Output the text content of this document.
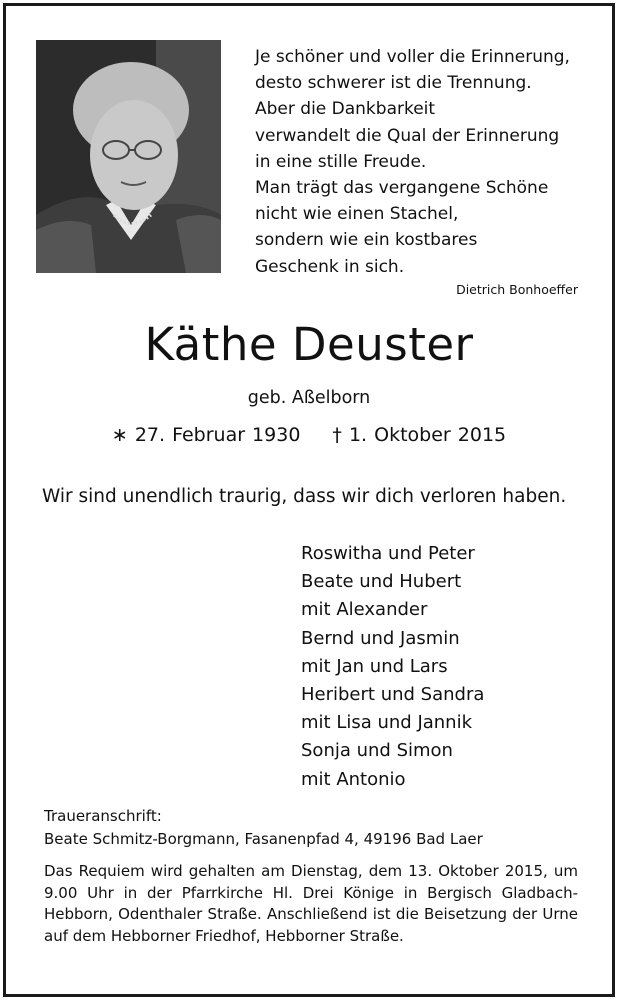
Je schöner und voller die Erinnerung,
desto schwerer ist die Trennung.
Aber die Dankbarkeit
verwandelt die Qual der Erinnerung
in eine stille Freude.
Man trägt das vergangene Schöne
nicht wie einen Stachel,
sondern wie ein kostbares
Geschenk in sich.
Dietrich Bonhoeffer
Käthe Deuster
geb. Aßelborn
∗ 27. Februar 1930 † 1. Oktober 2015
Wir sind unendlich traurig, dass wir dich verloren haben.
Roswitha und Peter
Beate und Hubert
mit Alexander
Bernd und Jasmin
mit Jan und Lars
Heribert und Sandra
mit Lisa und Jannik
Sonja und Simon
mit Antonio
Traueranschrift:
Beate Schmitz-Borgmann, Fasanenpfad 4, 49196 Bad Laer
Das Requiem wird gehalten am Dienstag, dem 13. Oktober 2015, um 9.00 Uhr in der Pfarrkirche Hl. Drei Könige in Bergisch Gladbach-Hebborn, Odenthaler Straße. Anschließend ist die Beisetzung der Urne auf dem Hebborner Friedhof, Hebborner Straße.
